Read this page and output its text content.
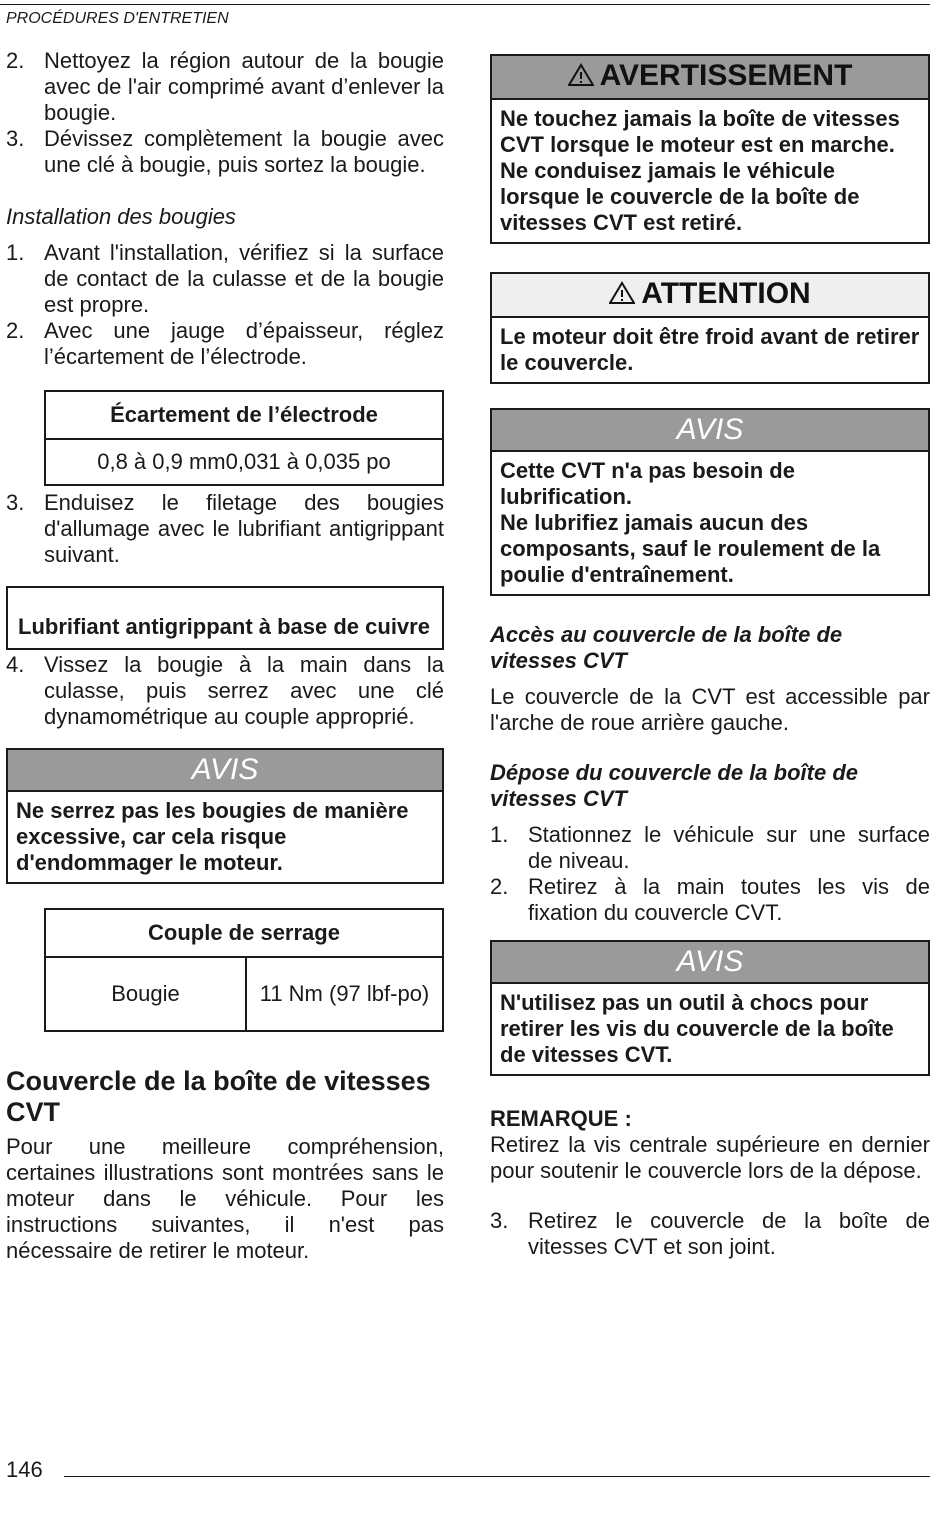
PROCÉDURES D'ENTRETIEN
2. Nettoyez la région autour de la bougie avec de l'air comprimé avant d’enlever la bougie.
3. Dévissez complètement la bougie avec une clé à bougie, puis sortez la bougie.
Installation des bougies
1. Avant l'installation, vérifiez si la surface de contact de la culasse et de la bougie est propre.
2. Avec une jauge d’épaisseur, réglez l’écartement de l’électrode.
Écartement de l’électrode
0,8 à 0,9 mm0,031 à 0,035 po
3. Enduisez le filetage des bougies d'allumage avec le lubrifiant antigrippant suivant.
Lubrifiant antigrippant à base de cuivre
4. Vissez la bougie à la main dans la culasse, puis serrez avec une clé dynamométrique au couple approprié.
AVIS
Ne serrez pas les bougies de manière excessive, car cela risque d'endommager le moteur.
Couple de serrage
Bougie	11 Nm (97 lbf-po)
Couvercle de la boîte de vitesses CVT
Pour une meilleure compréhension, certaines illustrations sont montrées sans le moteur dans le véhicule. Pour les instructions suivantes, il n'est pas nécessaire de retirer le moteur.
AVERTISSEMENT
Ne touchez jamais la boîte de vitesses CVT lorsque le moteur est en marche.
Ne conduisez jamais le véhicule lorsque le couvercle de la boîte de vitesses CVT est retiré.
ATTENTION
Le moteur doit être froid avant de retirer le couvercle.
AVIS
Cette CVT n'a pas besoin de lubrification.
Ne lubrifiez jamais aucun des composants, sauf le roulement de la poulie d'entraînement.
Accès au couvercle de la boîte de vitesses CVT
Le couvercle de la CVT est accessible par l'arche de roue arrière gauche.
Dépose du couvercle de la boîte de vitesses CVT
1. Stationnez le véhicule sur une surface de niveau.
2. Retirez à la main toutes les vis de fixation du couvercle CVT.
AVIS
N'utilisez pas un outil à chocs pour retirer les vis du couvercle de la boîte de vitesses CVT.
REMARQUE :
Retirez la vis centrale supérieure en dernier pour soutenir le couvercle lors de la dépose.
3. Retirez le couvercle de la boîte de vitesses CVT et son joint.
146
